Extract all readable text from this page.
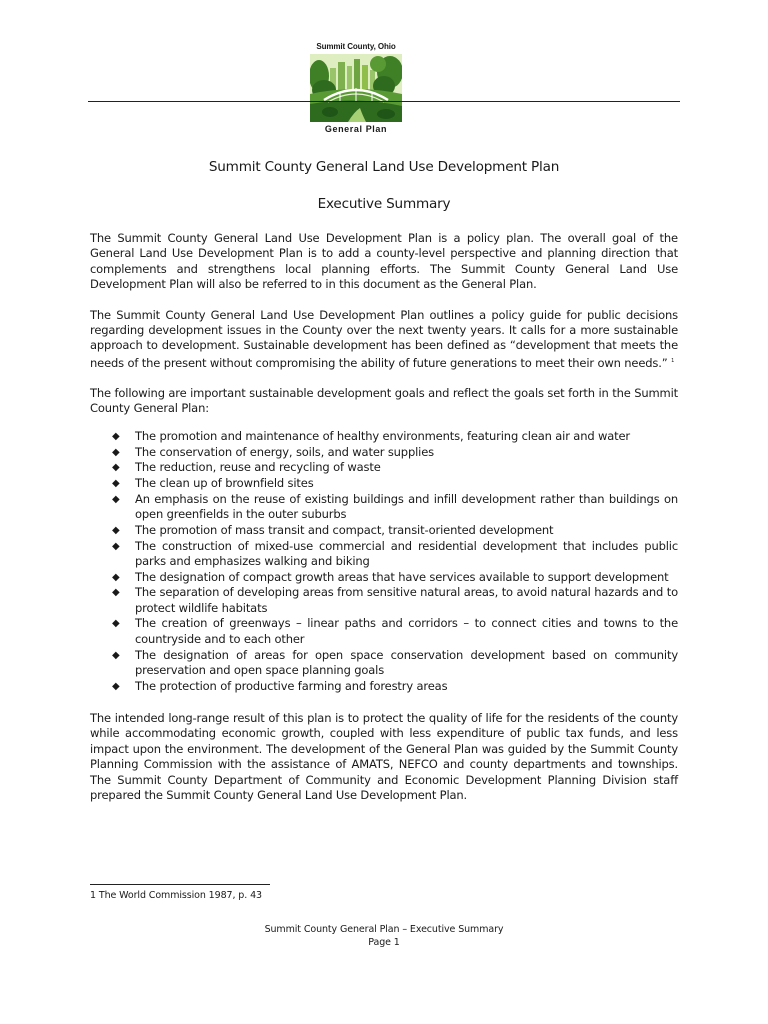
Summit County, Ohio
General Plan
Summit County General Land Use Development Plan
Executive Summary

The Summit County General Land Use Development Plan is a policy plan. The overall goal of the General Land Use Development Plan is to add a county-level perspective and planning direction that complements and strengthens local planning efforts. The Summit County General Land Use Development Plan will also be referred to in this document as the General Plan.

The Summit County General Land Use Development Plan outlines a policy guide for public decisions regarding development issues in the County over the next twenty years. It calls for a more sustainable approach to development. Sustainable development has been defined as “development that meets the needs of the present without compromising the ability of future generations to meet their own needs.” $^1$

The following are important sustainable development goals and reflect the goals set forth in the Summit County General Plan:

◆ The promotion and maintenance of healthy environments, featuring clean air and water
◆ The conservation of energy, soils, and water supplies
◆ The reduction, reuse and recycling of waste
◆ The clean up of brownfield sites
◆ An emphasis on the reuse of existing buildings and infill development rather than buildings on open greenfields in the outer suburbs
◆ The promotion of mass transit and compact, transit-oriented development
◆ The construction of mixed-use commercial and residential development that includes public parks and emphasizes walking and biking
◆ The designation of compact growth areas that have services available to support development
◆ The separation of developing areas from sensitive natural areas, to avoid natural hazards and to protect wildlife habitats
◆ The creation of greenways – linear paths and corridors – to connect cities and towns to the countryside and to each other
◆ The designation of areas for open space conservation development based on community preservation and open space planning goals
◆ The protection of productive farming and forestry areas

The intended long-range result of this plan is to protect the quality of life for the residents of the county while accommodating economic growth, coupled with less expenditure of public tax funds, and less impact upon the environment. The development of the General Plan was guided by the Summit County Planning Commission with the assistance of AMATS, NEFCO and county departments and townships. The Summit County Department of Community and Economic Development Planning Division staff prepared the Summit County General Land Use Development Plan.

1 The World Commission 1987, p. 43
Summit County General Plan – Executive Summary
Page 1
